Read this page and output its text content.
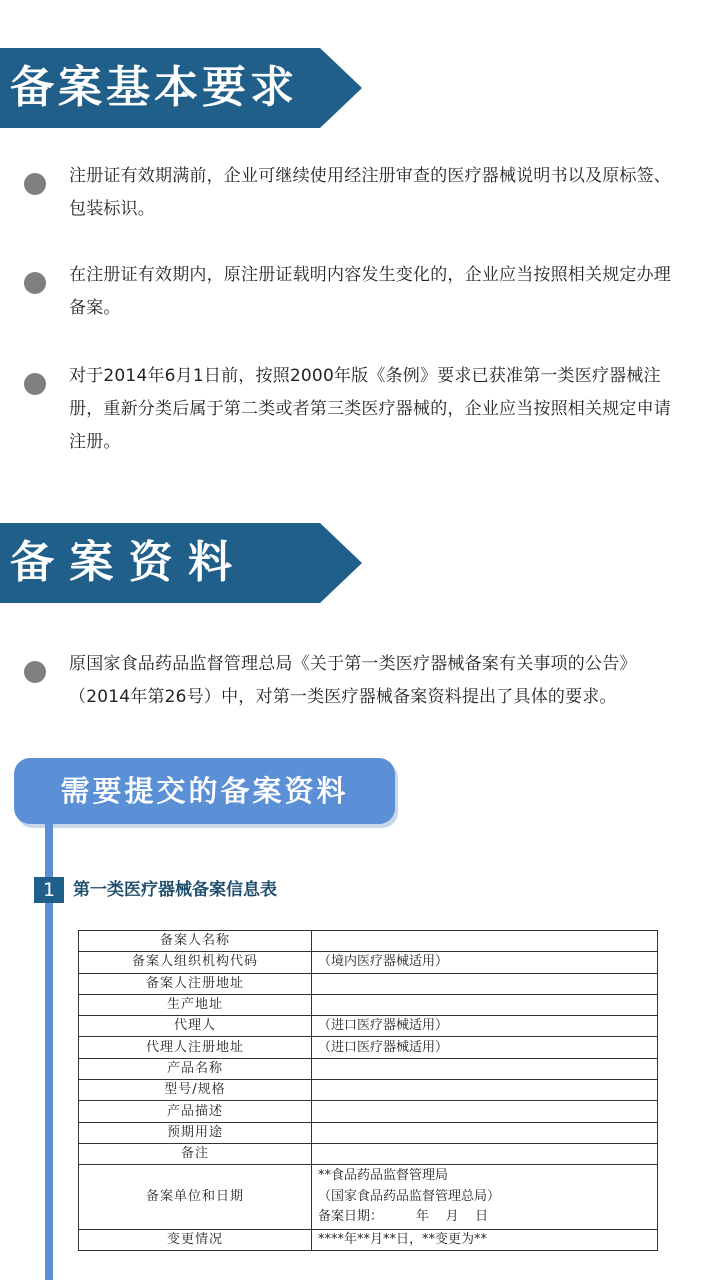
备案基本要求
注册证有效期满前，企业可继续使用经注册审查的医疗器械说明书以及原标签、包装标识。
在注册证有效期内，原注册证载明内容发生变化的，企业应当按照相关规定办理备案。
对于2014年6月1日前，按照2000年版《条例》要求已获准第一类医疗器械注册，重新分类后属于第二类或者第三类医疗器械的，企业应当按照相关规定申请注册。
备 案 资 料
原国家食品药品监督管理总局《关于第一类医疗器械备案有关事项的公告》（2014年第26号）中，对第一类医疗器械备案资料提出了具体的要求。
需要提交的备案资料
1	第一类医疗器械备案信息表
备案人名称	
备案人组织机构代码	（境内医疗器械适用）
备案人注册地址	
生产地址	
代理人	（进口医疗器械适用）
代理人注册地址	（进口医疗器械适用）
产品名称	
型号/规格	
产品描述	
预期用途	
备注	
备案单位和日期	**食品药品监督管理局
（国家食品药品监督管理总局）
备案日期：        年    月    日

变更情况	****年**月**日，**变更为**
